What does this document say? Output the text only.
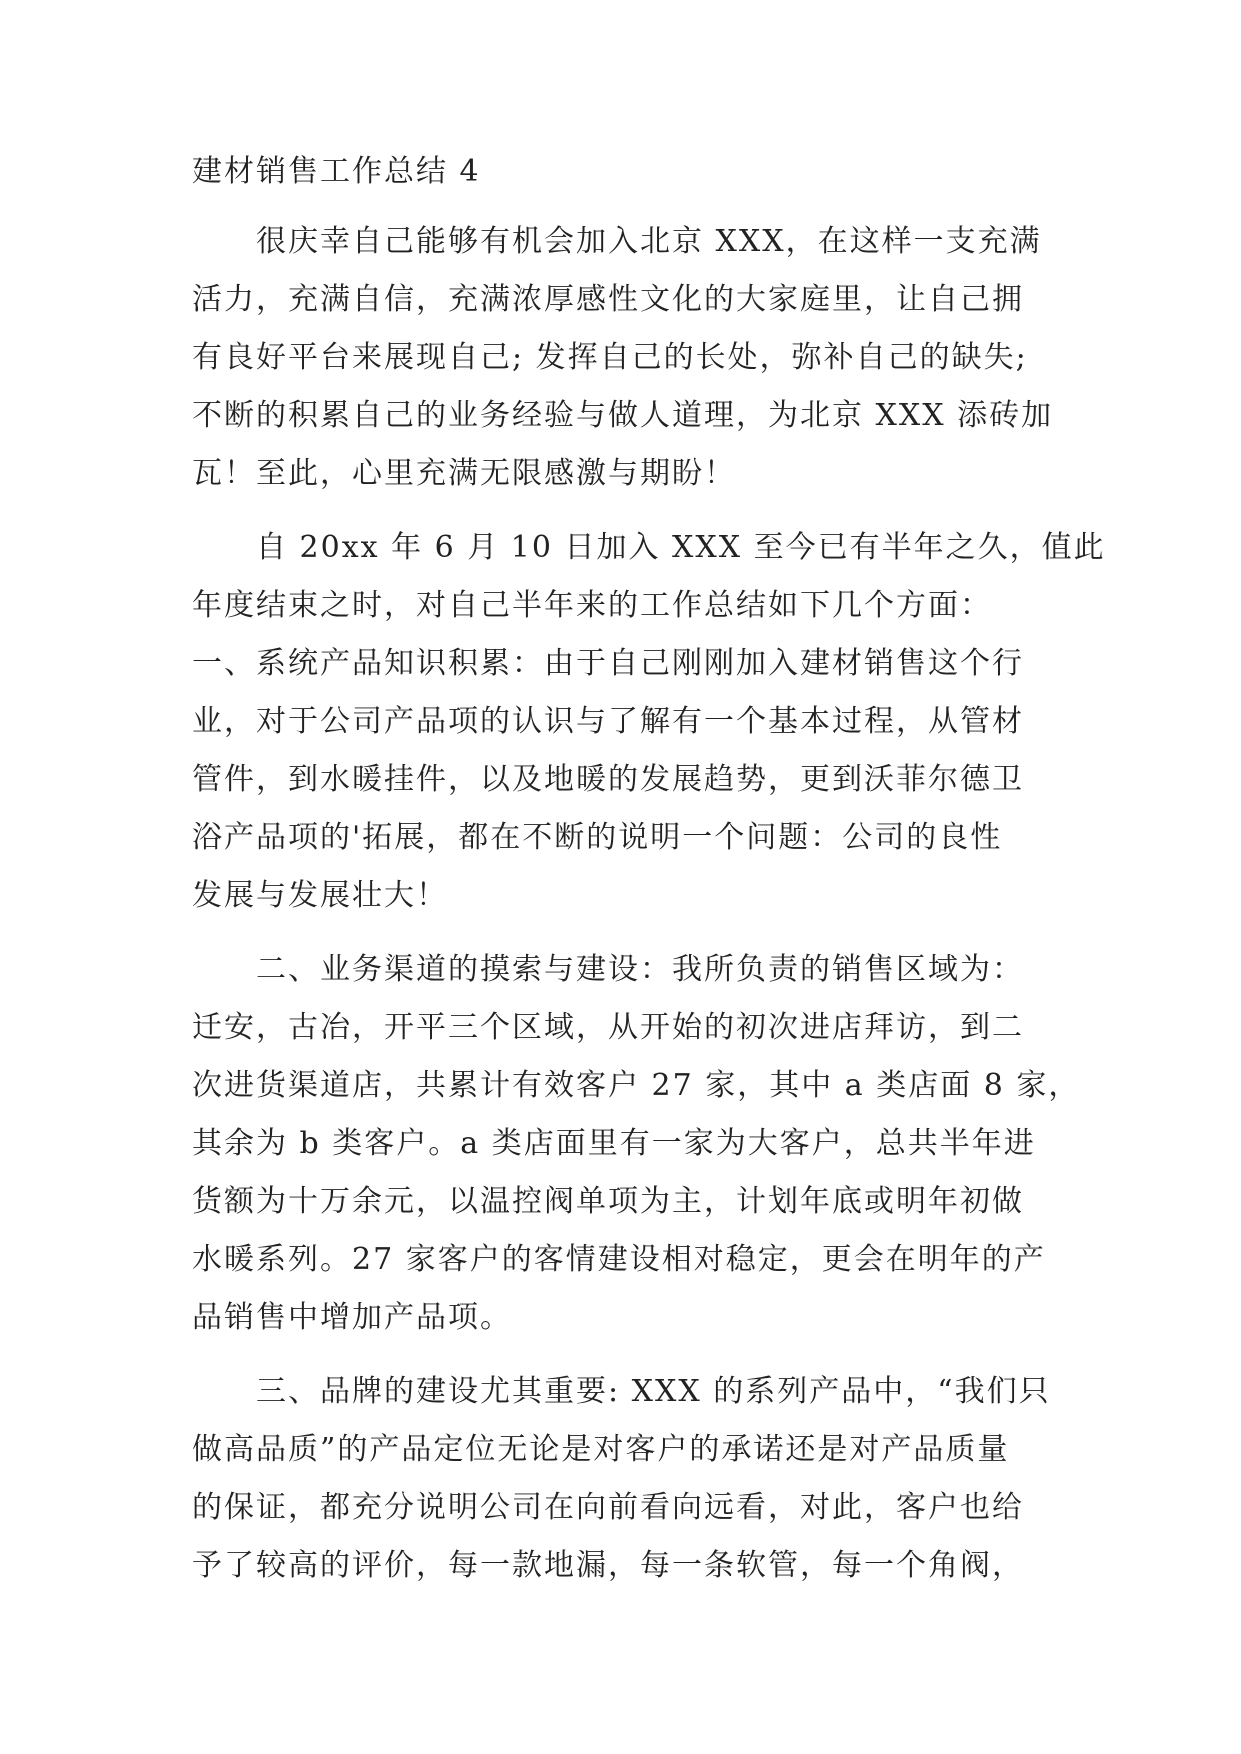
建材销售工作总结 4
很庆幸自己能够有机会加入北京 XXX，在这样一支充满
活力，充满自信，充满浓厚感性文化的大家庭里，让自己拥
有良好平台来展现自己; 发挥自己的长处，弥补自己的缺失;
不断的积累自己的业务经验与做人道理，为北京 XXX 添砖加
瓦！至此，心里充满无限感激与期盼！
自 20xx 年 6 月 10 日加入 XXX 至今已有半年之久，值此
年度结束之时，对自己半年来的工作总结如下几个方面：
一、系统产品知识积累：由于自己刚刚加入建材销售这个行
业，对于公司产品项的认识与了解有一个基本过程，从管材
管件，到水暖挂件，以及地暖的发展趋势，更到沃菲尔德卫
浴产品项的'拓展，都在不断的说明一个问题：公司的良性
发展与发展壮大！
二、业务渠道的摸索与建设：我所负责的销售区域为：
迁安，古冶，开平三个区域，从开始的初次进店拜访，到二
次进货渠道店，共累计有效客户 27 家，其中 a 类店面 8 家，
其余为 b 类客户。a 类店面里有一家为大客户，总共半年进
货额为十万余元，以温控阀单项为主，计划年底或明年初做
水暖系列。27 家客户的客情建设相对稳定，更会在明年的产
品销售中增加产品项。
三、品牌的建设尤其重要: XXX 的系列产品中，“我们只
做高品质”的产品定位无论是对客户的承诺还是对产品质量
的保证，都充分说明公司在向前看向远看，对此，客户也给
予了较高的评价，每一款地漏，每一条软管，每一个角阀，
